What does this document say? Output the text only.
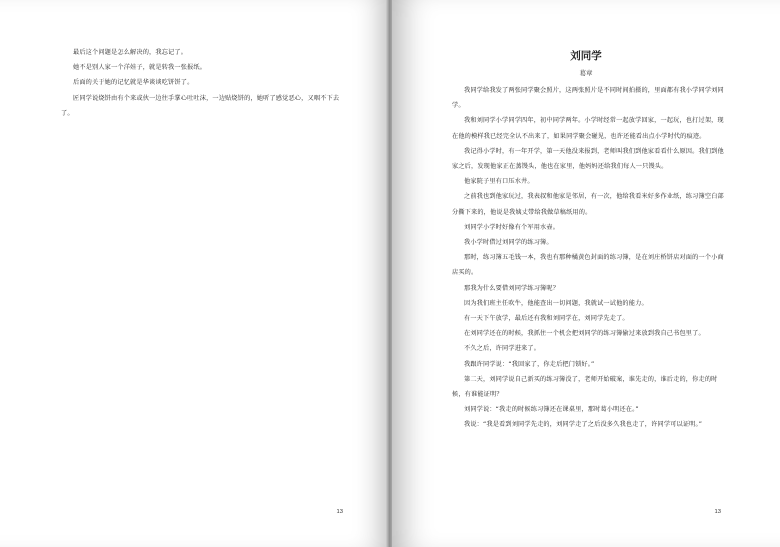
最后这个问题是怎么解决的，我忘记了。

她不是别人家一个洋娃子，就是转我一张报纸。

后面的关于她的记忆就是华谈谈吃饼饼了。

匠同学说烧饼由有个来或伙一边往手掌心吐吐沫，一边贴烧饼的，她听了感觉恶心，又咽不下去了。

13
刘同学
葛章

我同学给我发了两张同学聚会照片，这两张照片是不同时间拍摄的，里面都有我小学同学刘同学。

我和刘同学小学同学四年，初中同学两年。小学时经常一起放学回家，一起玩，也打过架，现在他的模样我已经完全认不出来了，如果同学聚会碰见，也许还能看出点小学时代的痕迹。

我记得小学时，有一年开学，第一天他没来报到，老师叫我们到他家看看什么原因。我们到他家之后，发现他家正在蒸馒头，他也在家里，他妈妈还给我们每人一只馒头。

他家院子里有口压水井。

之前我也到他家玩过，我表叔和他家是邻居，有一次，他给我看米好多作业纸，练习簿空白部分撕下来的，他说是我姨丈带给我做草稿纸用的。

刘同学小学时好像有个军用水壶。

我小学时借过刘同学的练习簿。

那时，练习簿五毛钱一本，我也有那种橘黄色封面的练习簿，是在刘庄桥饼店对面的一个小商店买的。

那我为什么要借刘同学练习簿呢？

因为我们班主任吹牛，他能查出一切问题，我就试一试他的能力。

有一天下午放学，最后还有我和刘同学在，刘同学先走了。

在刘同学还在的时候，我抓住一个机会把刘同学的练习簿偷过来放到我自己书包里了。

不久之后，许同学进来了。

我跟许同学说：“我回家了，你走后把门锁好。”

第二天，刘同学说自己新买的练习簿没了，老师开始破案，谁先走的，谁后走的，你走的时候，有谁能证明？

刘同学说：“我走的时候练习簿还在课桌里，那时葛小明还在。”

我说：“我是看到刘同学先走的，刘同学走了之后没多久我也走了，许同学可以证明。”

13
